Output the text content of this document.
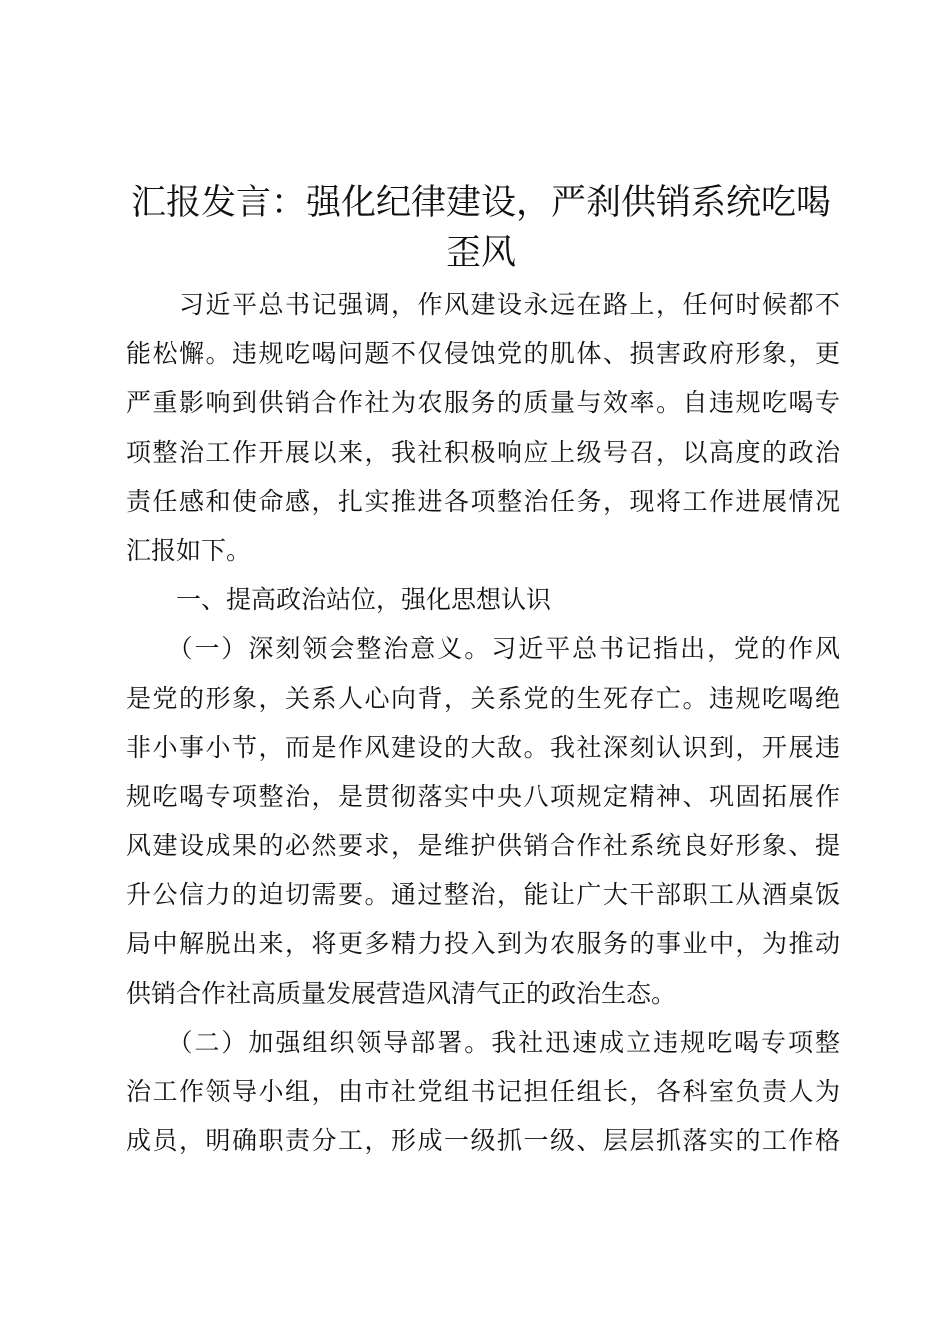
汇报发言：强化纪律建设，严刹供销系统吃喝
歪风
　　习近平总书记强调，作风建设永远在路上，任何时候都不
能松懈。违规吃喝问题不仅侵蚀党的肌体、损害政府形象，更
严重影响到供销合作社为农服务的质量与效率。自违规吃喝专
项整治工作开展以来，我社积极响应上级号召，以高度的政治
责任感和使命感，扎实推进各项整治任务，现将工作进展情况
汇报如下。
　　一、提高政治站位，强化思想认识
　　（一）深刻领会整治意义。习近平总书记指出，党的作风
是党的形象，关系人心向背，关系党的生死存亡。违规吃喝绝
非小事小节，而是作风建设的大敌。我社深刻认识到，开展违
规吃喝专项整治，是贯彻落实中央八项规定精神、巩固拓展作
风建设成果的必然要求，是维护供销合作社系统良好形象、提
升公信力的迫切需要。通过整治，能让广大干部职工从酒桌饭
局中解脱出来，将更多精力投入到为农服务的事业中，为推动
供销合作社高质量发展营造风清气正的政治生态。
　　（二）加强组织领导部署。我社迅速成立违规吃喝专项整
治工作领导小组，由市社党组书记担任组长，各科室负责人为
成员，明确职责分工，形成一级抓一级、层层抓落实的工作格
